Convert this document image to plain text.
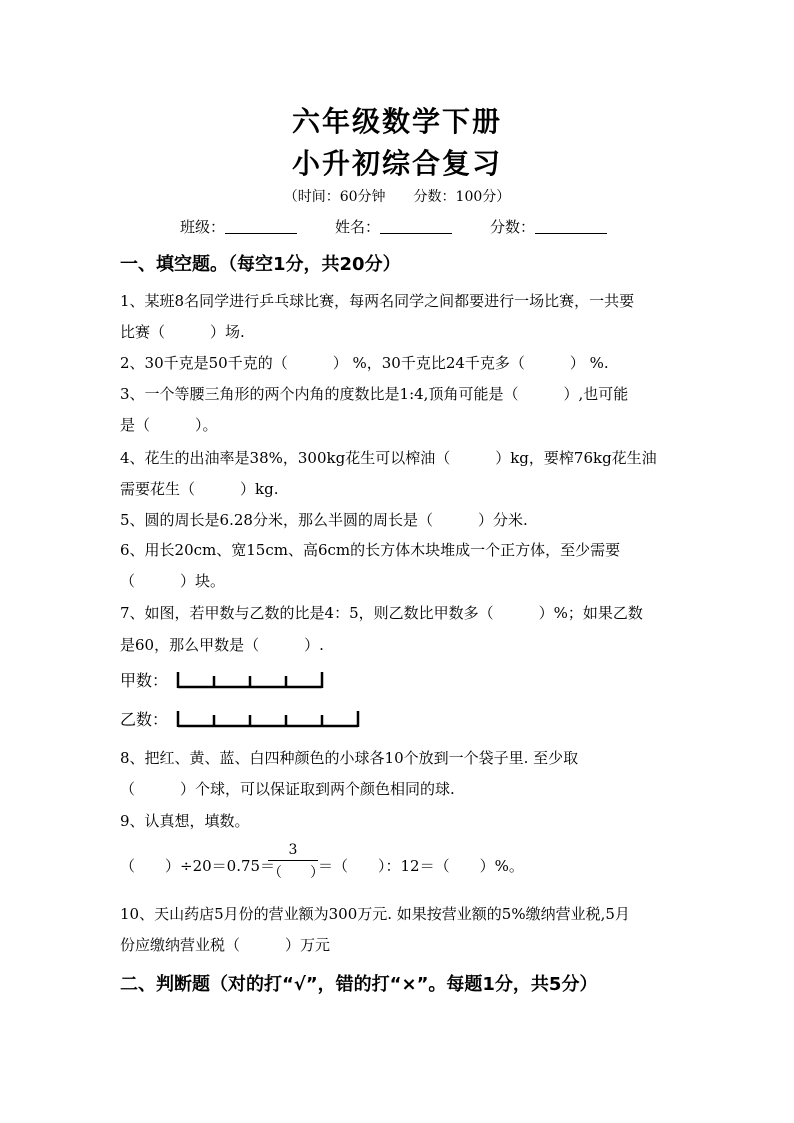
六年级数学下册
小升初综合复习
（时间：60分钟　　分数：100分）
班级：	姓名：	分数：
一、填空题。（每空1分，共20分）
1、某班8名同学进行乒乓球比赛，每两名同学之间都要进行一场比赛，一共要
比赛（　　　）场.
2、30千克是50千克的（　　　） %，30千克比24千克多（　　　） %.
3、一个等腰三角形的两个内角的度数比是1:4,顶角可能是（　　　）,也可能
是（　　　）。
4、花生的出油率是38%，300kg花生可以榨油（　　　）kg，要榨76kg花生油
需要花生（　　　）kg.
5、圆的周长是6.28分米，那么半圆的周长是（　　　）分米.
6、用长20cm、宽15cm、高6cm的长方体木块堆成一个正方体，至少需要
（　　　）块。
7、如图，若甲数与乙数的比是4：5，则乙数比甲数多（　　　）%；如果乙数
是60，那么甲数是（　　　）.
甲数：
乙数：
8、把红、黄、蓝、白四种颜色的小球各10个放到一个袋子里. 至少取
（　　　）个球，可以保证取到两个颜色相同的球.
9、认真想，填数。
（　　）÷20＝0.75＝
3
（　　）
＝（　　）：12＝（　　）%。
10、天山药店5月份的营业额为300万元. 如果按营业额的5%缴纳营业税,5月
份应缴纳营业税（　　　）万元
二、判断题（对的打“√”，错的打“×”。每题1分，共5分）
